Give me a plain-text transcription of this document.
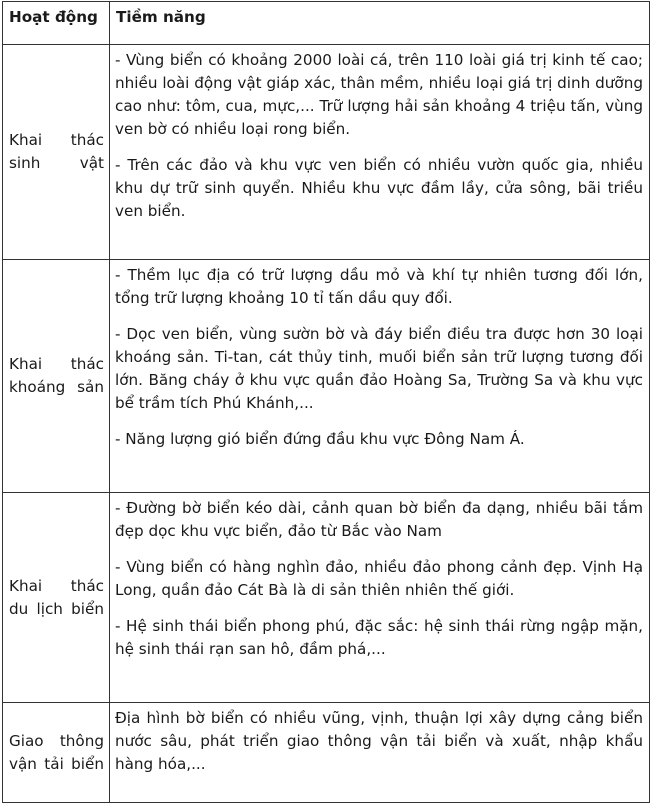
Hoạt động	Tiềm năng
Khai thác sinh vật	- Vùng biển có khoảng 2000 loài cá, trên 110 loài giá trị kinh tế cao; nhiều loài động vật giáp xác, thân mềm, nhiều loại giá trị dinh dưỡng cao như: tôm, cua, mực,... Trữ lượng hải sản khoảng 4 triệu tấn, vùng ven bờ có nhiều loại rong biển.

- Trên các đảo và khu vực ven biển có nhiều vườn quốc gia, nhiều khu dự trữ sinh quyển. Nhiều khu vực đầm lầy, cửa sông, bãi triều ven biển.

Khai thác khoáng sản	- Thềm lục địa có trữ lượng dầu mỏ và khí tự nhiên tương đối lớn, tổng trữ lượng khoảng 10 tỉ tấn dầu quy đổi.

- Dọc ven biển, vùng sườn bờ và đáy biển điều tra được hơn 30 loại khoáng sản. Ti-tan, cát thủy tinh, muối biển sản trữ lượng tương đối lớn. Băng cháy ở khu vực quần đảo Hoàng Sa, Trường Sa và khu vực bể trầm tích Phú Khánh,...

- Năng lượng gió biển đứng đầu khu vực Đông Nam Á.

Khai thác du lịch biển	- Đường bờ biển kéo dài, cảnh quan bờ biển đa dạng, nhiều bãi tắm đẹp dọc khu vực biển, đảo từ Bắc vào Nam

- Vùng biển có hàng nghìn đảo, nhiều đảo phong cảnh đẹp. Vịnh Hạ Long, quần đảo Cát Bà là di sản thiên nhiên thế giới.

- Hệ sinh thái biển phong phú, đặc sắc: hệ sinh thái rừng ngập mặn, hệ sinh thái rạn san hô, đầm phá,...

Giao thông vận tải biển	Địa hình bờ biển có nhiều vũng, vịnh, thuận lợi xây dựng cảng biển nước sâu, phát triển giao thông vận tải biển và xuất, nhập khẩu hàng hóa,...
